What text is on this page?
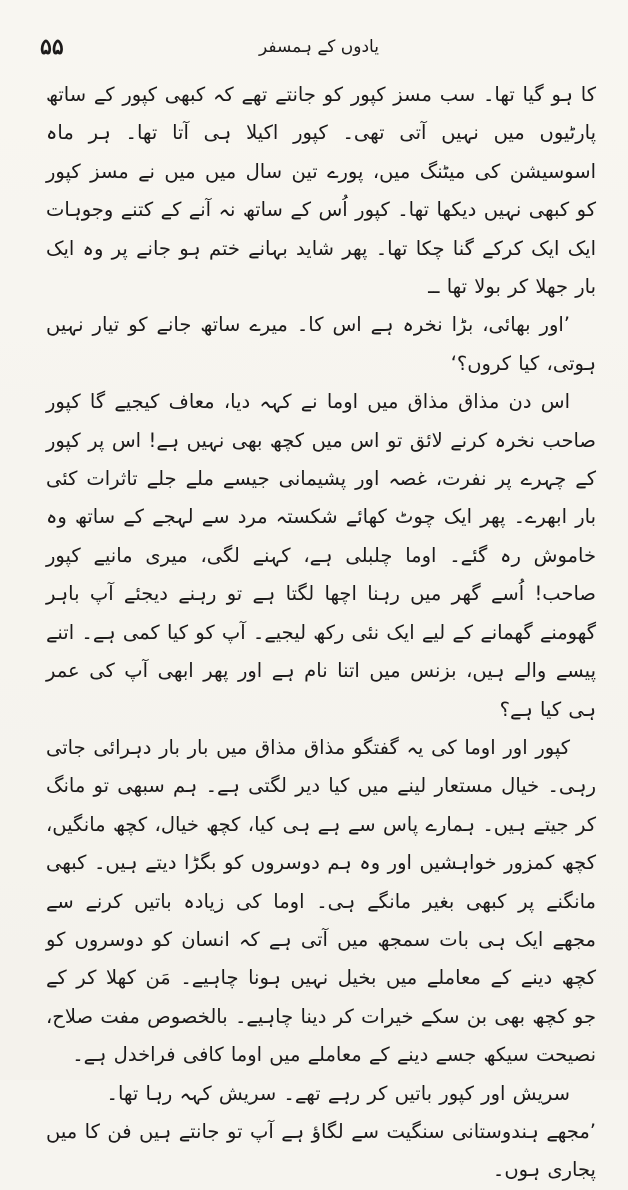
۵۵	یادوں کے ہمسفر

کا ہو گیا تھا۔ سب مسز کپور کو جانتے تھے کہ کبھی کپور کے ساتھ پارٹیوں میں نہیں آتی تھی۔ کپور اکیلا ہی آتا تھا۔ ہر ماہ اسوسیشن کی میٹنگ میں، پورے تین سال میں میں نے مسز کپور کو کبھی نہیں دیکھا تھا۔ کپور اُس کے ساتھ نہ آنے کے کتنے وجوہات ایک ایک کرکے گنا چکا تھا۔ پھر شاید بہانے ختم ہو جانے پر وہ ایک بار جھلا کر بولا تھا ــ

’اور بھائی، بڑا نخرہ ہے اس کا۔ میرے ساتھ جانے کو تیار نہیں ہوتی، کیا کروں؟‘

اس دن مذاق مذاق میں اوما نے کہہ دیا، معاف کیجیے گا کپور صاحب نخرہ کرنے لائق تو اس میں کچھ بھی نہیں ہے! اس پر کپور کے چہرے پر نفرت، غصہ اور پشیمانی جیسے ملے جلے تاثرات کئی بار ابھرے۔ پھر ایک چوٹ کھائے شکستہ مرد سے لہجے کے ساتھ وہ خاموش رہ گئے۔ اوما چلبلی ہے، کہنے لگی، میری مانیے کپور صاحب! اُسے گھر میں رہنا اچھا لگتا ہے تو رہنے دیجئے آپ باہر گھومنے گھمانے کے لیے ایک نئی رکھ لیجیے۔ آپ کو کیا کمی ہے۔ اتنے پیسے والے ہیں، بزنس میں اتنا نام ہے اور پھر ابھی آپ کی عمر ہی کیا ہے؟

کپور اور اوما کی یہ گفتگو مذاق مذاق میں بار بار دہرائی جاتی رہی۔ خیال مستعار لینے میں کیا دیر لگتی ہے۔ ہم سبھی تو مانگ کر جیتے ہیں۔ ہمارے پاس سے ہے ہی کیا، کچھ خیال، کچھ مانگیں، کچھ کمزور خواہشیں اور وہ ہم دوسروں کو بگڑا دیتے ہیں۔ کبھی مانگنے پر کبھی بغیر مانگے ہی۔ اوما کی زیادہ باتیں کرنے سے مجھے ایک ہی بات سمجھ میں آتی ہے کہ انسان کو دوسروں کو کچھ دینے کے معاملے میں بخیل نہیں ہونا چاہیے۔ مَن کھلا کر کے جو کچھ بھی بن سکے خیرات کر دینا چاہیے۔ بالخصوص مفت صلاح، نصیحت سیکھ جسے دینے کے معاملے میں اوما کافی فراخدل ہے۔

سریش اور کپور باتیں کر رہے تھے۔ سریش کہہ رہا تھا۔

’مجھے ہندوستانی سنگیت سے لگاؤ ہے آپ تو جانتے ہیں فن کا میں پجاری ہوں۔
